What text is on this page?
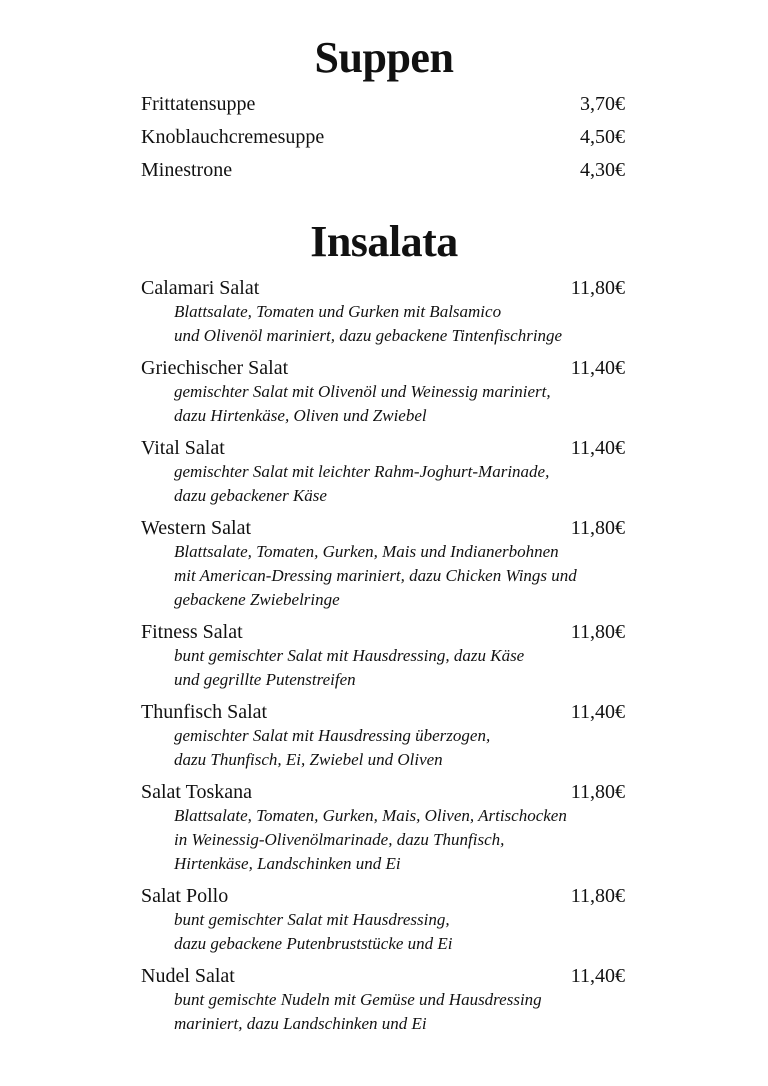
Suppen
Frittatensuppe	3,70€
Knoblauchcremesuppe	4,50€
Minestrone	4,30€
Insalata
Calamari Salat	11,80€
Blattsalate, Tomaten und Gurken mit Balsamico
und Olivenöl mariniert, dazu gebackene Tintenfischringe
Griechischer Salat	11,40€
gemischter Salat mit Olivenöl und Weinessig mariniert,
dazu Hirtenkäse, Oliven und Zwiebel
Vital Salat	11,40€
gemischter Salat mit leichter Rahm-Joghurt-Marinade,
dazu gebackener Käse
Western Salat	11,80€
Blattsalate, Tomaten, Gurken, Mais und Indianerbohnen
mit American-Dressing mariniert, dazu Chicken Wings und
gebackene Zwiebelringe
Fitness Salat	11,80€
bunt gemischter Salat mit Hausdressing, dazu Käse
und gegrillte Putenstreifen
Thunfisch Salat	11,40€
gemischter Salat mit Hausdressing überzogen,
dazu Thunfisch, Ei, Zwiebel und Oliven
Salat Toskana	11,80€
Blattsalate, Tomaten, Gurken, Mais, Oliven, Artischocken
in Weinessig-Olivenölmarinade, dazu Thunfisch,
Hirtenkäse, Landschinken und Ei
Salat Pollo	11,80€
bunt gemischter Salat mit Hausdressing,
dazu gebackene Putenbruststücke und Ei
Nudel Salat	11,40€
bunt gemischte Nudeln mit Gemüse und Hausdressing
mariniert, dazu Landschinken und Ei
